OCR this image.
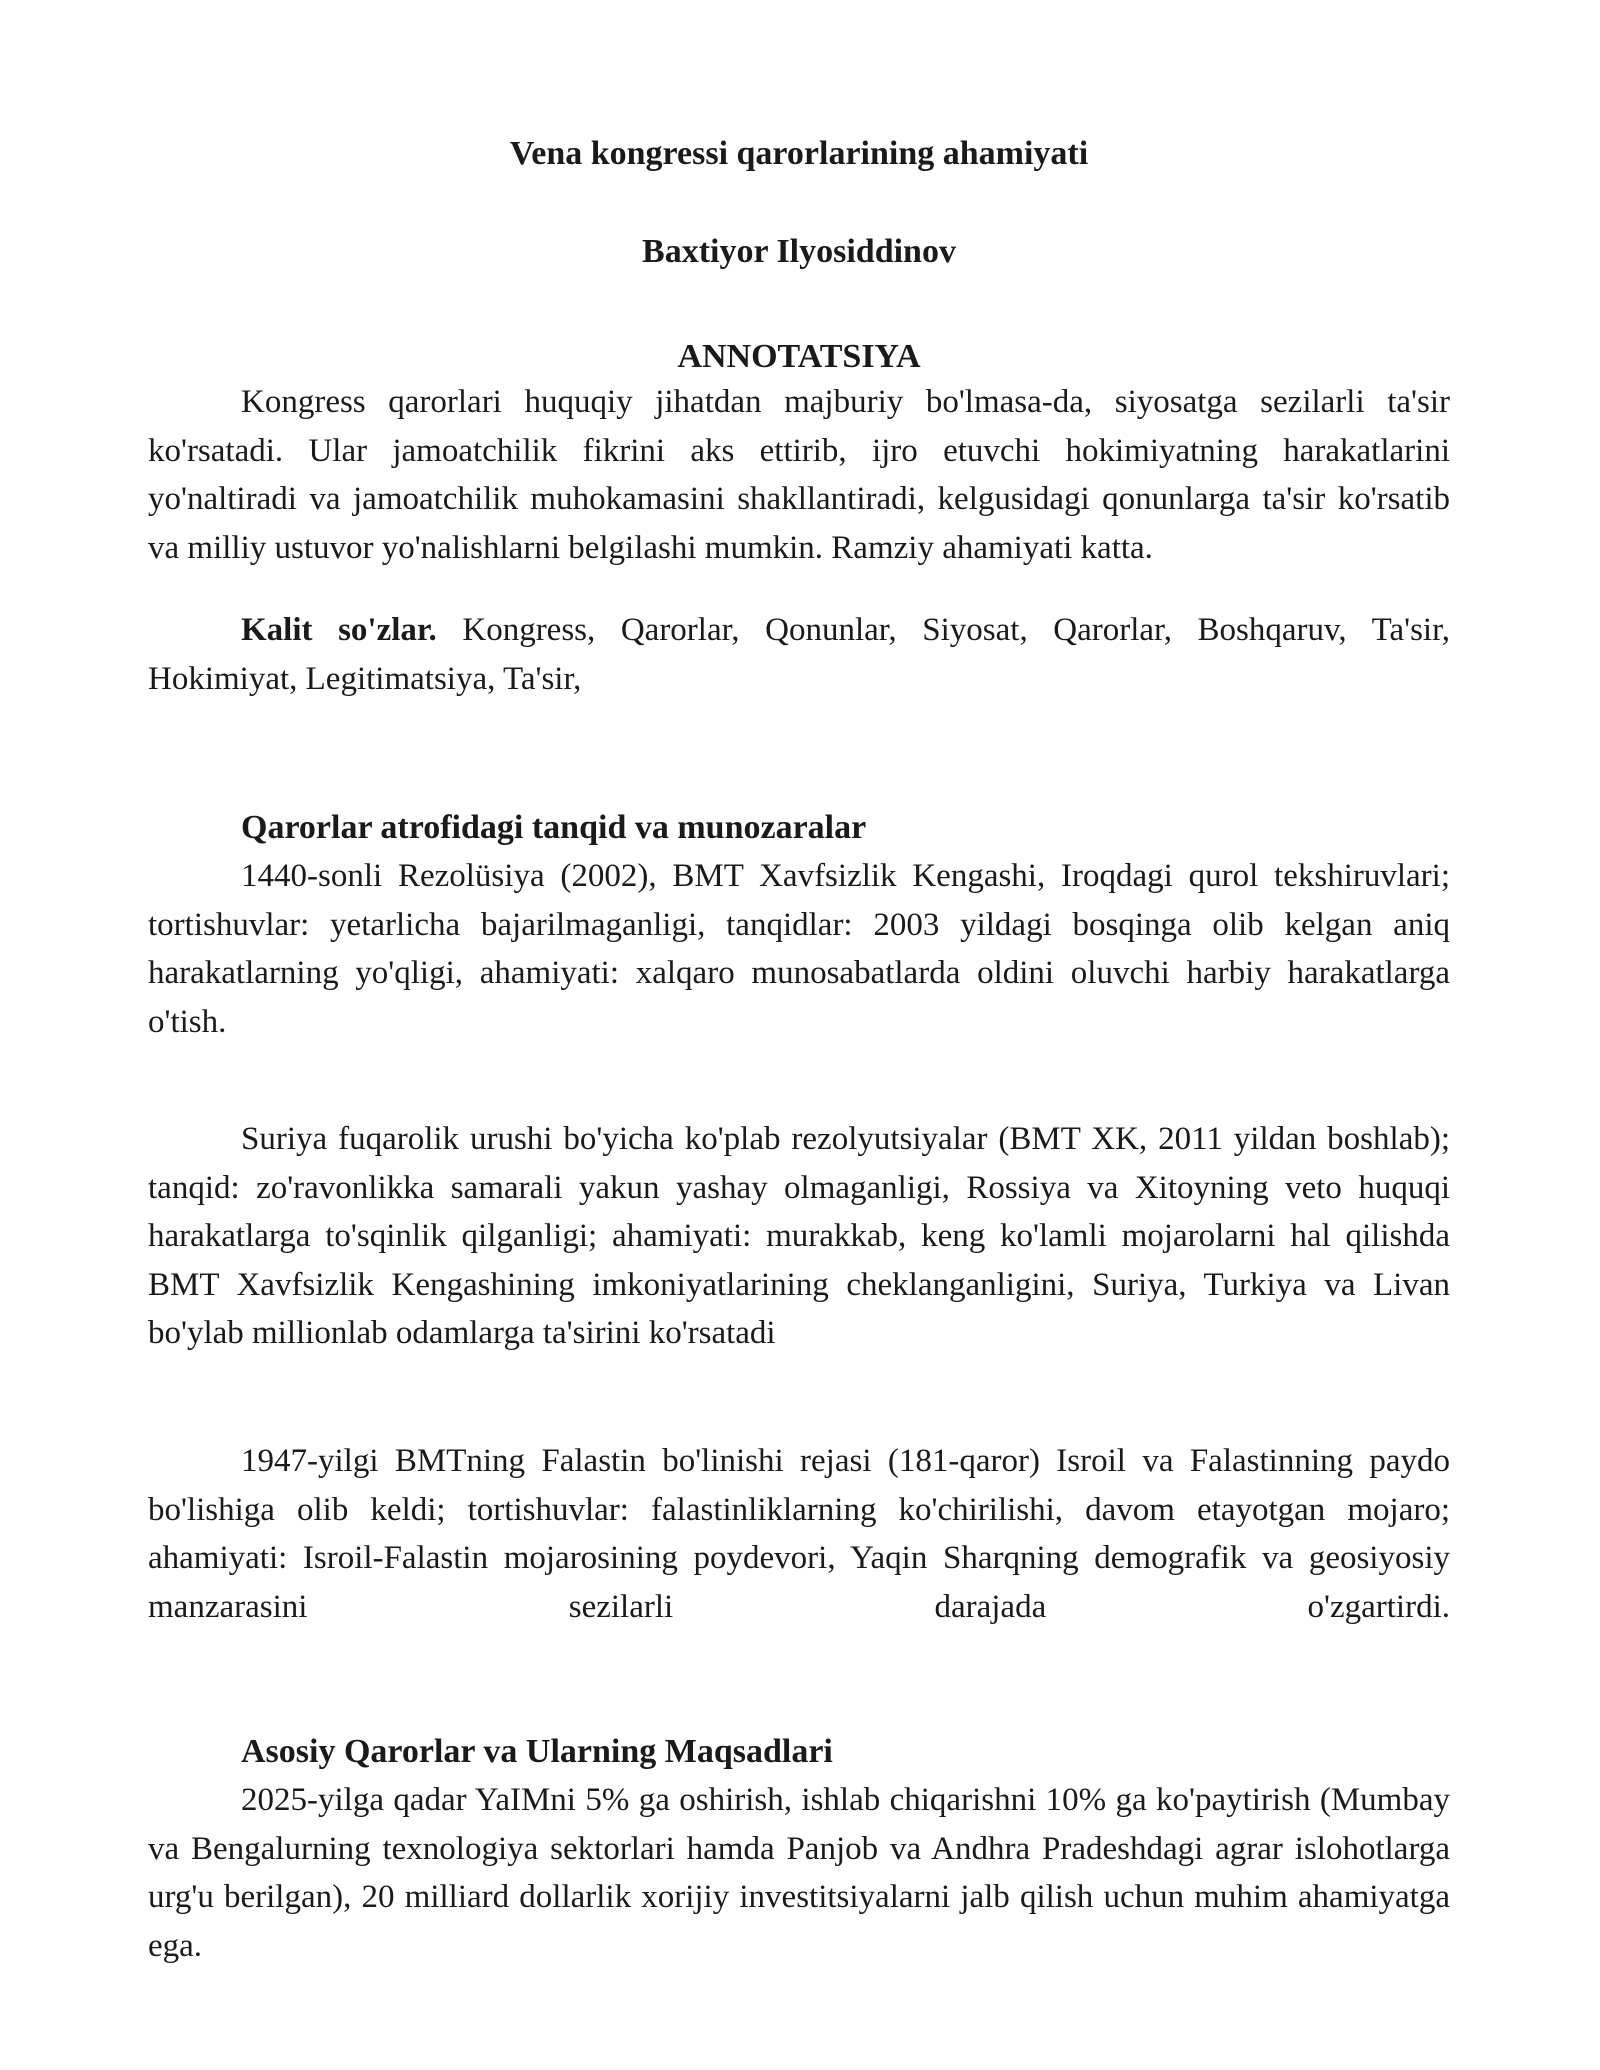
Vena kongressi qarorlarining ahamiyati
Baxtiyor Ilyosiddinov
ANNOTATSIYA

Kongress qarorlari huquqiy jihatdan majburiy bo'lmasa-da, siyosatga sezilarli ta'sir ko'rsatadi. Ular jamoatchilik fikrini aks ettirib, ijro etuvchi hokimiyatning harakatlarini yo'naltiradi va jamoatchilik muhokamasini shakllantiradi, kelgusidagi qonunlarga ta'sir ko'rsatib va milliy ustuvor yo'nalishlarni belgilashi mumkin. Ramziy ahamiyati katta.

Kalit so'zlar. Kongress, Qarorlar, Qonunlar, Siyosat, Qarorlar, Boshqaruv, Ta'sir, Hokimiyat, Legitimatsiya, Ta'sir,

Qarorlar atrofidagi tanqid va munozaralar

1440-sonli Rezolüsiya (2002), BMT Xavfsizlik Kengashi, Iroqdagi qurol tekshiruvlari; tortishuvlar: yetarlicha bajarilmaganligi, tanqidlar: 2003 yildagi bosqinga olib kelgan aniq harakatlarning yo'qligi, ahamiyati: xalqaro munosabatlarda oldini oluvchi harbiy harakatlarga o'tish.

Suriya fuqarolik urushi bo'yicha ko'plab rezolyutsiyalar (BMT XK, 2011 yildan boshlab); tanqid: zo'ravonlikka samarali yakun yashay olmaganligi, Rossiya va Xitoyning veto huquqi harakatlarga to'sqinlik qilganligi; ahamiyati: murakkab, keng ko'lamli mojarolarni hal qilishda BMT Xavfsizlik Kengashining imkoniyatlarining cheklanganligini, Suriya, Turkiya va Livan bo'ylab millionlab odamlarga ta'sirini ko'rsatadi

1947-yilgi BMTning Falastin bo'linishi rejasi (181-qaror) Isroil va Falastinning paydo bo'lishiga olib keldi; tortishuvlar: falastinliklarning ko'chirilishi, davom etayotgan mojaro; ahamiyati: Isroil-Falastin mojarosining poydevori, Yaqin Sharqning demografik va geosiyosiy manzarasini sezilarli darajada o'zgartirdi.

Asosiy Qarorlar va Ularning Maqsadlari

2025-yilga qadar YaIMni 5% ga oshirish, ishlab chiqarishni 10% ga ko'paytirish (Mumbay va Bengalurning texnologiya sektorlari hamda Panjob va Andhra Pradeshdagi agrar islohotlarga urg'u berilgan), 20 milliard dollarlik xorijiy investitsiyalarni jalb qilish uchun muhim ahamiyatga ega.
